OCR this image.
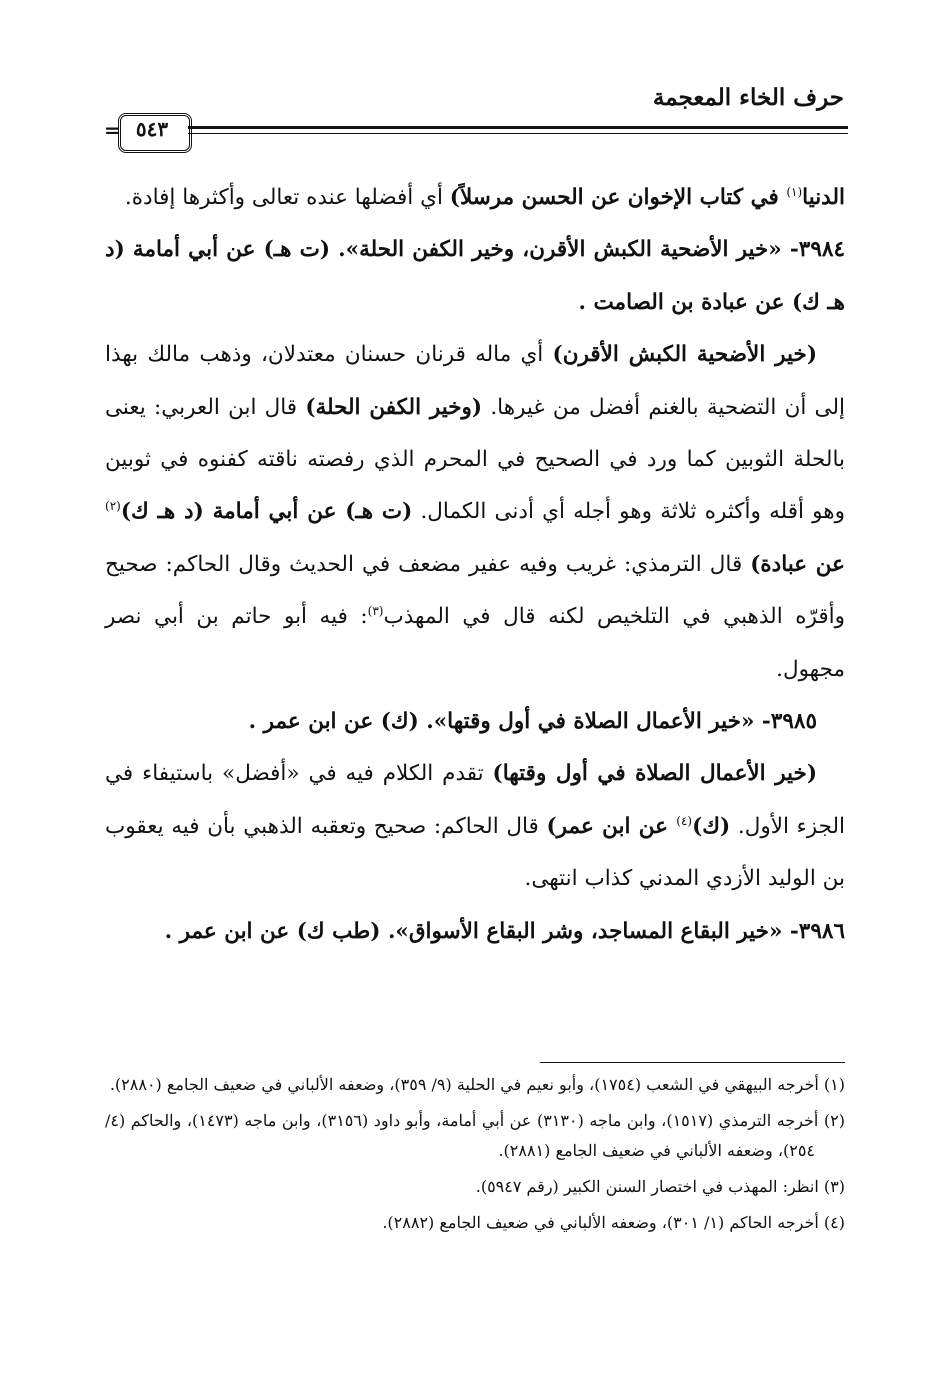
حرف الخاء المعجمة
٥٤٣
=

الدنيا$^{(١)}$ في كتاب الإخوان عن الحسن مرسلاً) أي أفضلها عنده تعالى وأكثرها إفادة.

٣٩٨٤- «خير الأضحية الكبش الأقرن، وخير الكفن الحلة». (ت هـ) عن أبي أمامة (د هـ ك) عن عبادة بن الصامت .

(خير الأضحية الكبش الأقرن) أي ماله قرنان حسنان معتدلان، وذهب مالك بهذا إلى أن التضحية بالغنم أفضل من غيرها. (وخير الكفن الحلة) قال ابن العربي: يعنى بالحلة الثوبين كما ورد في الصحيح في المحرم الذي رفصته ناقته كفنوه في ثوبين وهو أقله وأكثره ثلاثة وهو أجله أي أدنى الكمال. (ت هـ) عن أبي أمامة (د هـ ك)$^{(٢)}$ عن عبادة) قال الترمذي: غريب وفيه عفير مضعف في الحديث وقال الحاكم: صحيح وأقرّه الذهبي في التلخيص لكنه قال في المهذب$^{(٣)}$: فيه أبو حاتم بن أبي نصر مجهول.

٣٩٨٥- «خير الأعمال الصلاة في أول وقتها». (ك) عن ابن عمر .

(خير الأعمال الصلاة في أول وقتها) تقدم الكلام فيه في «أفضل» باستيفاء في الجزء الأول. (ك)$^{(٤)}$ عن ابن عمر) قال الحاكم: صحيح وتعقبه الذهبي بأن فيه يعقوب بن الوليد الأزدي المدني كذاب انتهى.

٣٩٨٦- «خير البقاع المساجد، وشر البقاع الأسواق». (طب ك) عن ابن عمر .

(١) أخرجه البيهقي في الشعب (١٧٥٤)، وأبو نعيم في الحلية (٩/ ٣٥٩)، وضعفه الألباني في ضعيف الجامع (٢٨٨٠).

(٢) أخرجه الترمذي (١٥١٧)، وابن ماجه (٣١٣٠) عن أبي أمامة، وأبو داود (٣١٥٦)، وابن ماجه (١٤٧٣)، والحاكم (٤/ ٢٥٤)، وضعفه الألباني في ضعيف الجامع (٢٨٨١).

(٣) انظر: المهذب في اختصار السنن الكبير (رقم ٥٩٤٧).

(٤) أخرجه الحاكم (١/ ٣٠١)، وضعفه الألباني في ضعيف الجامع (٢٨٨٢).
